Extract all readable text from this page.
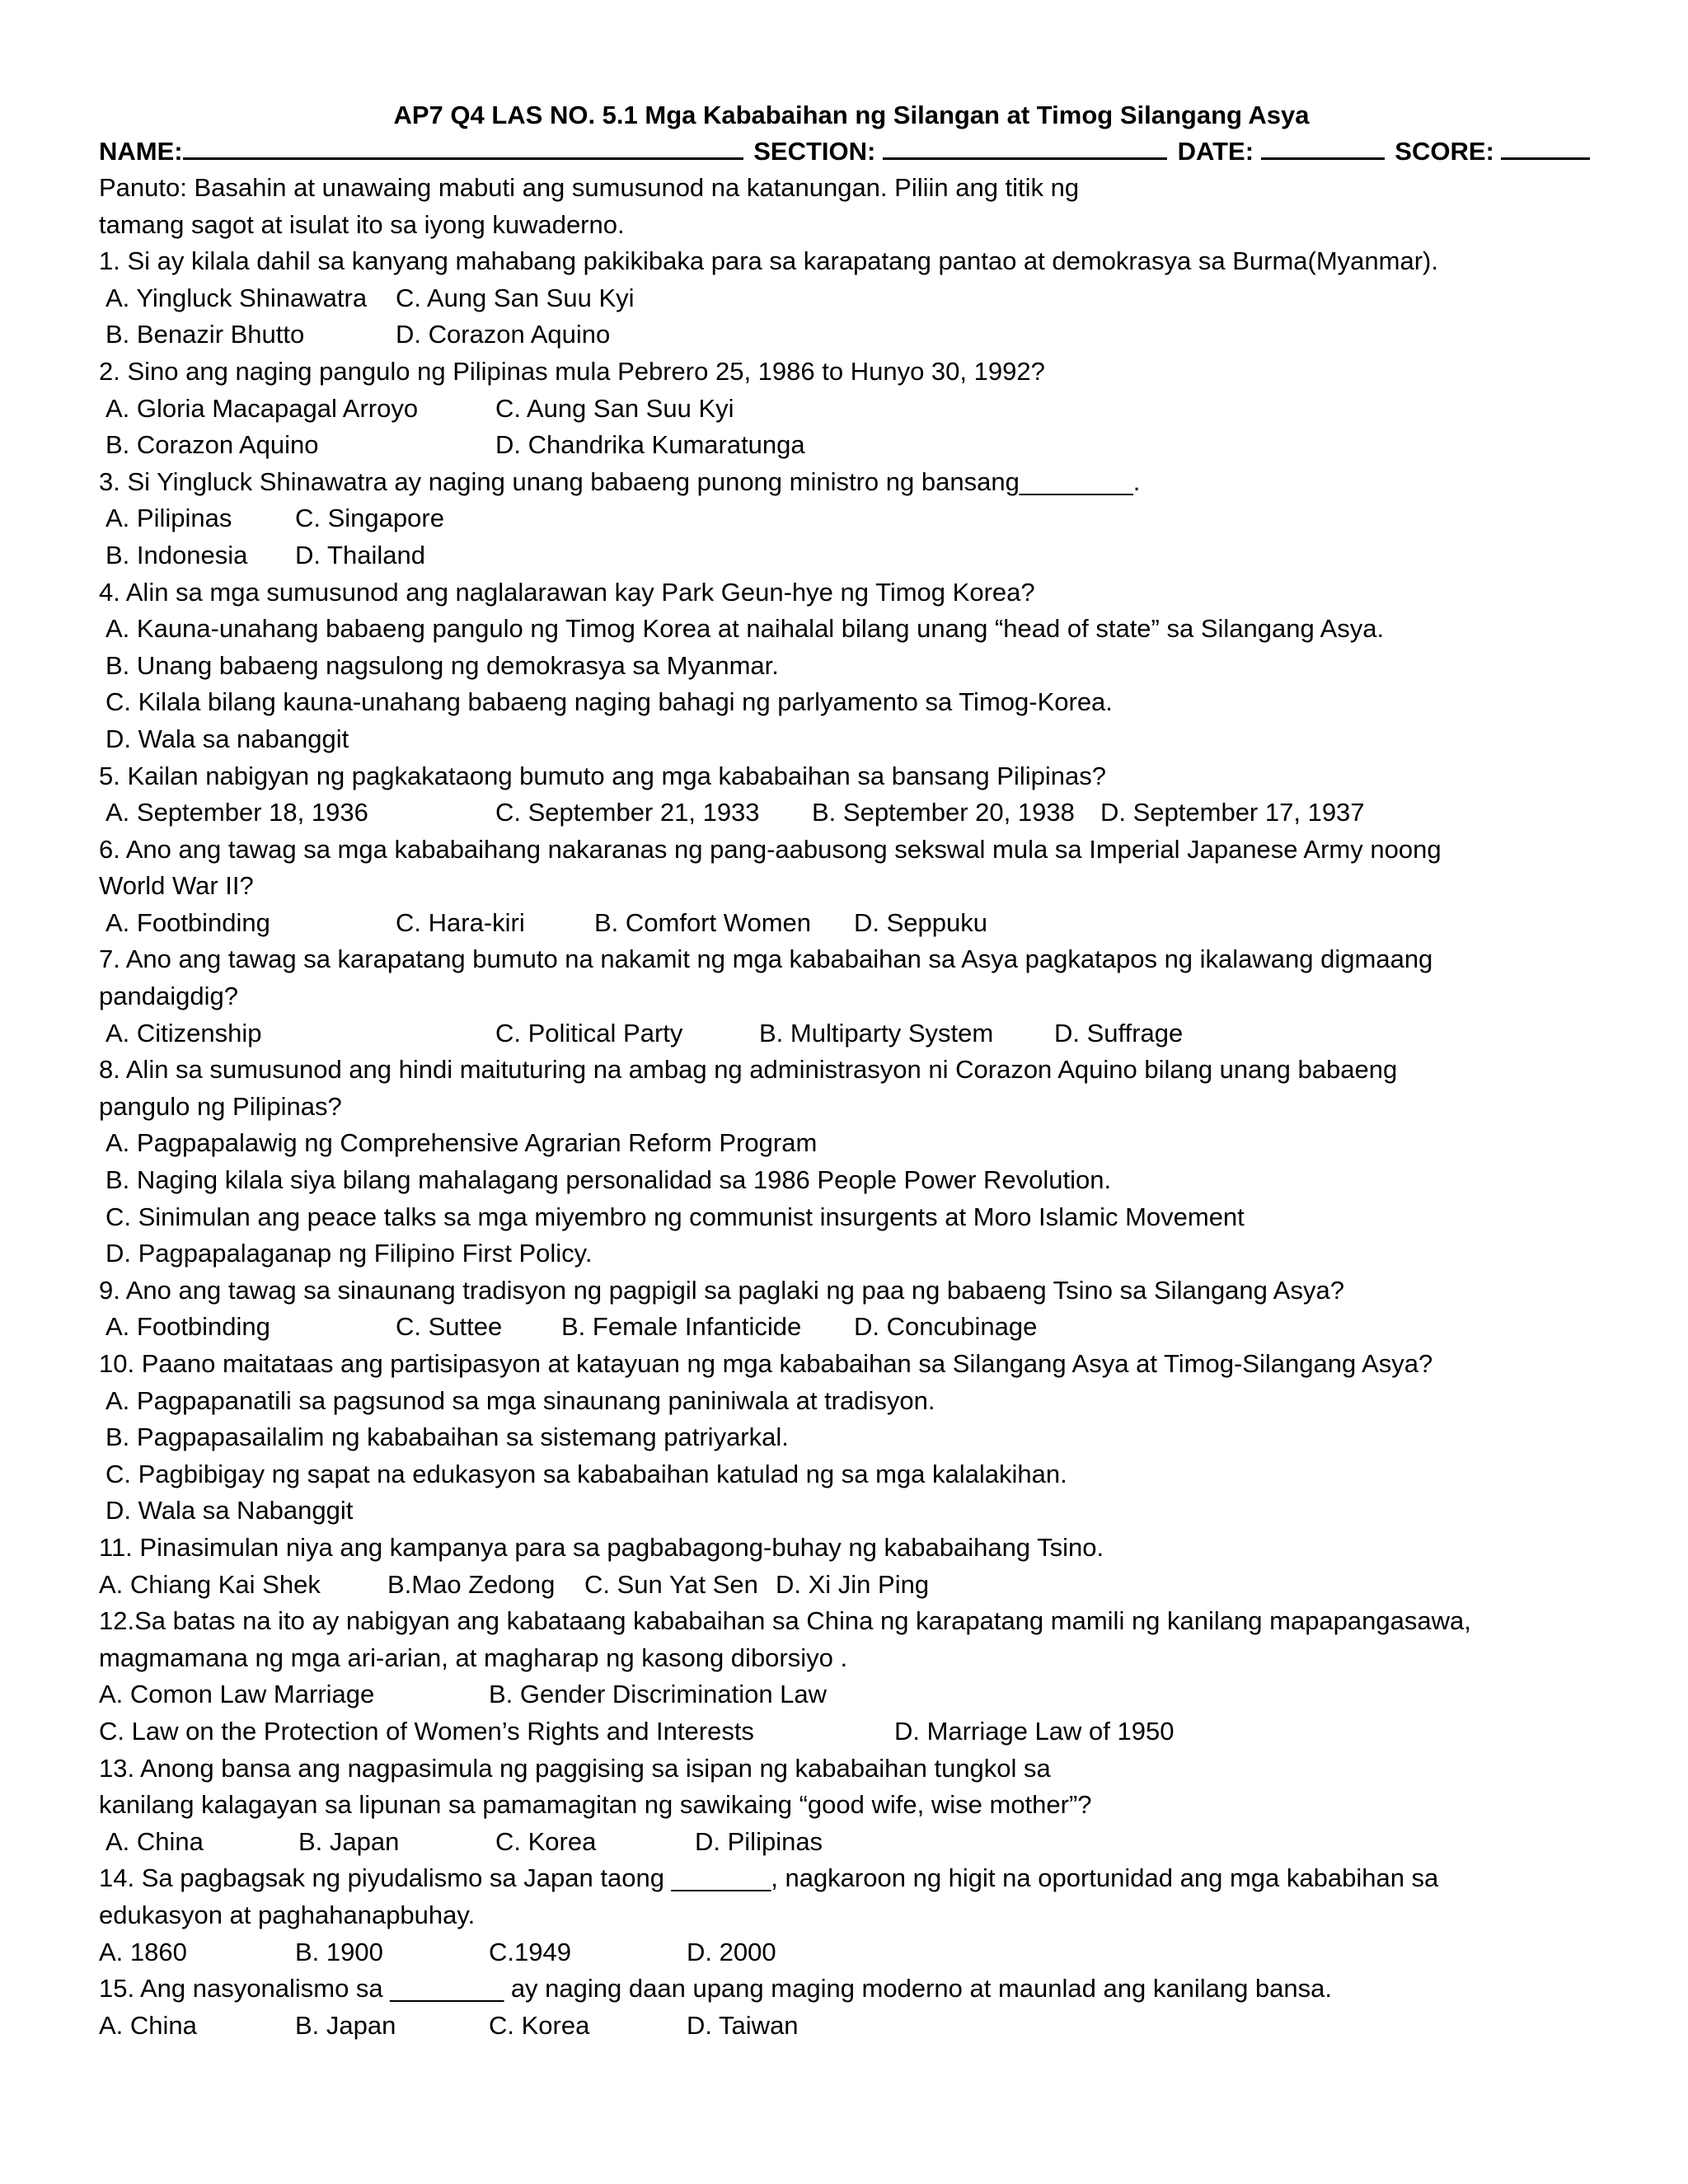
AP7 Q4 LAS NO. 5.1 Mga Kababaihan ng Silangan at Timog Silangang Asya
NAME:	SECTION:	DATE:	SCORE:
Panuto: Basahin at unawaing mabuti ang sumusunod na katanungan. Piliin ang titik ng
tamang sagot at isulat ito sa iyong kuwaderno.
1. Si ay kilala dahil sa kanyang mahabang pakikibaka para sa karapatang pantao at demokrasya sa Burma(Myanmar).
A. Yingluck Shinawatra	C. Aung San Suu Kyi
B. Benazir Bhutto	D. Corazon Aquino
2. Sino ang naging pangulo ng Pilipinas mula Pebrero 25, 1986 to Hunyo 30, 1992?
A. Gloria Macapagal Arroyo	C. Aung San Suu Kyi
B. Corazon Aquino	D. Chandrika Kumaratunga
3. Si Yingluck Shinawatra ay naging unang babaeng punong ministro ng bansang________.
A. Pilipinas	C. Singapore
B. Indonesia	D. Thailand
4. Alin sa mga sumusunod ang naglalarawan kay Park Geun-hye ng Timog Korea?
A. Kauna-unahang babaeng pangulo ng Timog Korea at naihalal bilang unang “head of state” sa Silangang Asya.
B. Unang babaeng nagsulong ng demokrasya sa Myanmar.
C. Kilala bilang kauna-unahang babaeng naging bahagi ng parlyamento sa Timog-Korea.
D. Wala sa nabanggit
5. Kailan nabigyan ng pagkakataong bumuto ang mga kababaihan sa bansang Pilipinas?
A. September 18, 1936	C. September 21, 1933	B. September 20, 1938	D. September 17, 1937
6. Ano ang tawag sa mga kababaihang nakaranas ng pang-aabusong sekswal mula sa Imperial Japanese Army noong
World War II?
A. Footbinding	C. Hara-kiri	B. Comfort Women	D. Seppuku
7. Ano ang tawag sa karapatang bumuto na nakamit ng mga kababaihan sa Asya pagkatapos ng ikalawang digmaang
pandaigdig?
A. Citizenship	C. Political Party	B. Multiparty System	D. Suffrage
8. Alin sa sumusunod ang hindi maituturing na ambag ng administrasyon ni Corazon Aquino bilang unang babaeng
pangulo ng Pilipinas?
A. Pagpapalawig ng Comprehensive Agrarian Reform Program
B. Naging kilala siya bilang mahalagang personalidad sa 1986 People Power Revolution.
C. Sinimulan ang peace talks sa mga miyembro ng communist insurgents at Moro Islamic Movement
D. Pagpapalaganap ng Filipino First Policy.
9. Ano ang tawag sa sinaunang tradisyon ng pagpigil sa paglaki ng paa ng babaeng Tsino sa Silangang Asya?
A. Footbinding	C. Suttee	B. Female Infanticide	D. Concubinage
10. Paano maitataas ang partisipasyon at katayuan ng mga kababaihan sa Silangang Asya at Timog-Silangang Asya?
A. Pagpapanatili sa pagsunod sa mga sinaunang paniniwala at tradisyon.
B. Pagpapasailalim ng kababaihan sa sistemang patriyarkal.
C. Pagbibigay ng sapat na edukasyon sa kababaihan katulad ng sa mga kalalakihan.
D. Wala sa Nabanggit
11. Pinasimulan niya ang kampanya para sa pagbabagong-buhay ng kababaihang Tsino.
A. Chiang Kai Shek	B.Mao Zedong	C. Sun Yat Sen D. Xi Jin Ping
12.Sa batas na ito ay nabigyan ang kabataang kababaihan sa China ng karapatang mamili ng kanilang mapapangasawa,
magmamana ng mga ari-arian, at magharap ng kasong diborsiyo .
A. Comon Law Marriage	B. Gender Discrimination Law
C. Law on the Protection of Women’s Rights and Interests	D. Marriage Law of 1950
13. Anong bansa ang nagpasimula ng paggising sa isipan ng kababaihan tungkol sa
kanilang kalagayan sa lipunan sa pamamagitan ng sawikaing “good wife, wise mother”?
A. China	B. Japan	C. Korea	D. Pilipinas
14. Sa pagbagsak ng piyudalismo sa Japan taong _______, nagkaroon ng higit na oportunidad ang mga kababihan sa
edukasyon at paghahanapbuhay.
A. 1860	B. 1900	C.1949	D. 2000
15. Ang nasyonalismo sa ________ ay naging daan upang maging moderno at maunlad ang kanilang bansa.
A. China	B. Japan	C. Korea	D. Taiwan
